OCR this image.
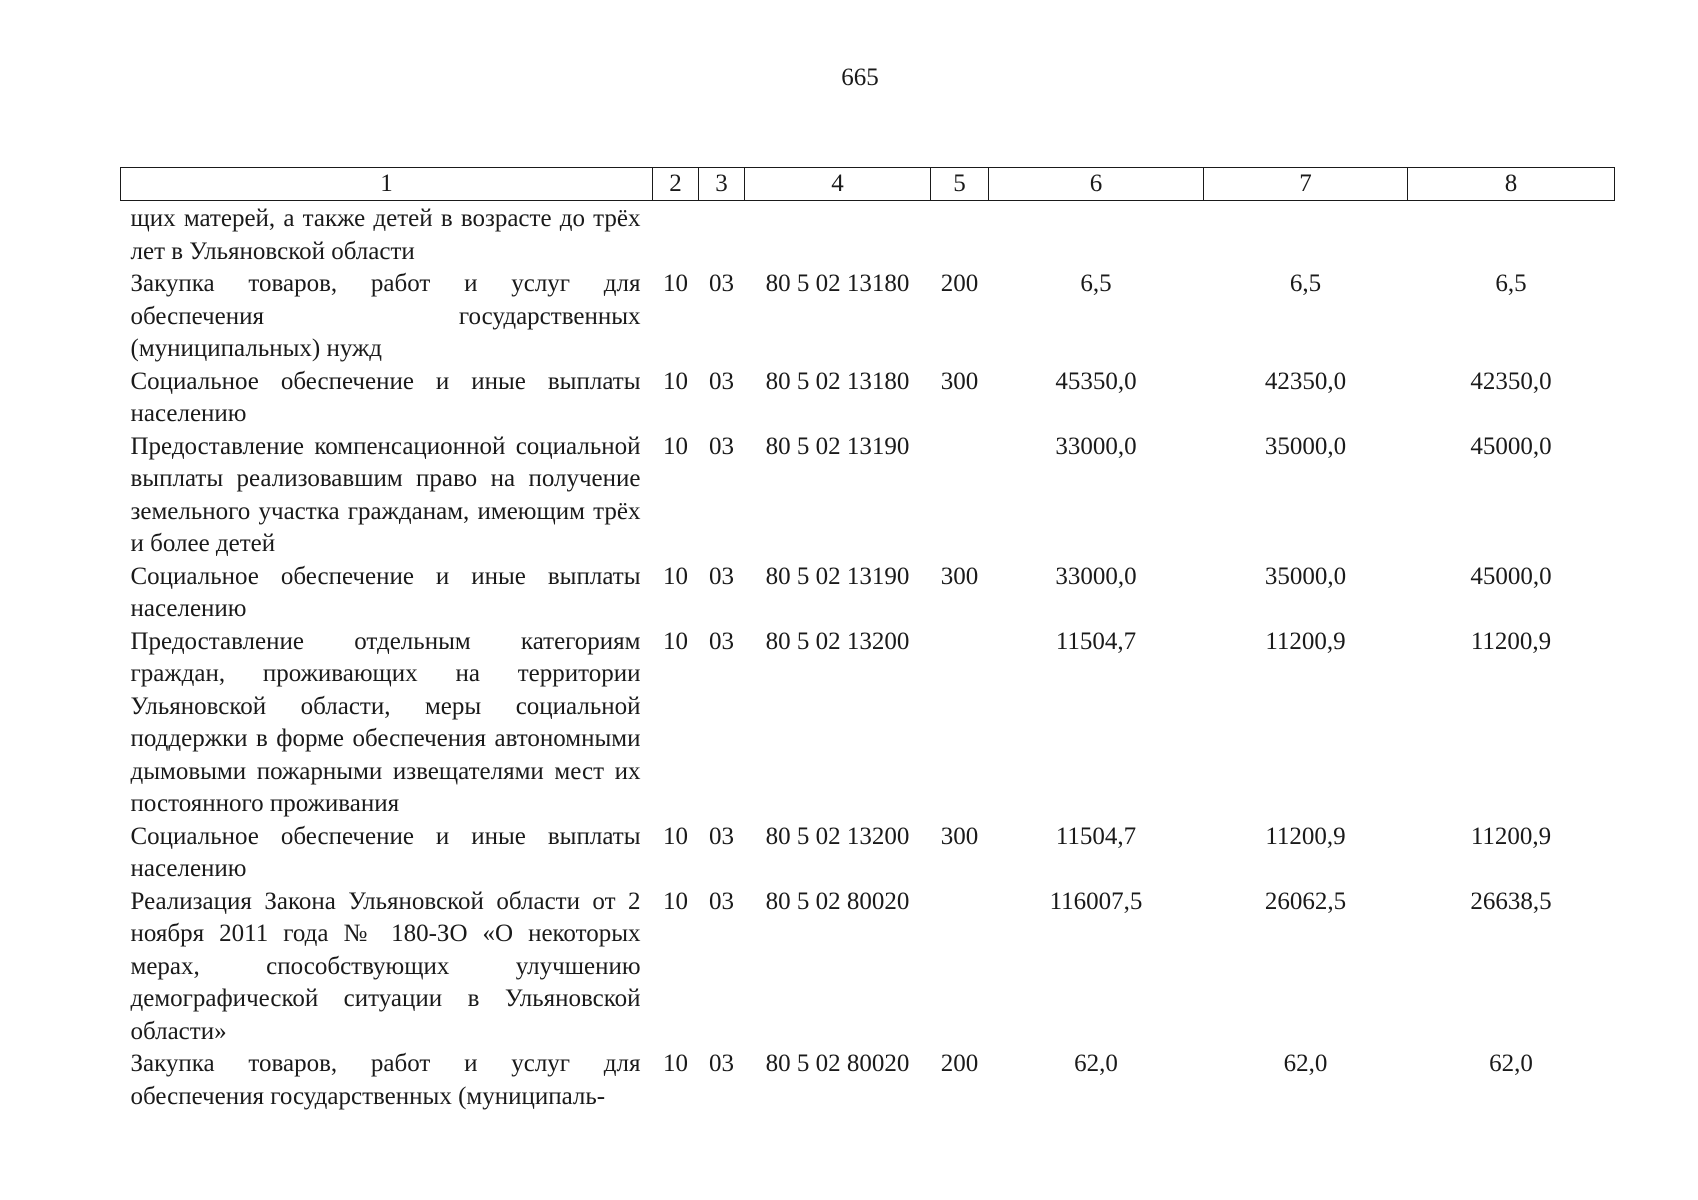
665
1	2	3	4	5	6	7	8
щих матерей, а также детей в возрасте до трёх лет в Ульяновской области							
Закупка товаров, работ и услуг для обеспечения государственных (муниципальных) нужд	10	03	80 5 02 13180	200	6,5	6,5	6,5
Социальное обеспечение и иные выплаты населению	10	03	80 5 02 13180	300	45350,0	42350,0	42350,0
Предоставление компенсационной социальной выплаты реализовавшим право на получение земельного участка гражданам, имеющим трёх и более детей	10	03	80 5 02 13190		33000,0	35000,0	45000,0
Социальное обеспечение и иные выплаты населению	10	03	80 5 02 13190	300	33000,0	35000,0	45000,0
Предоставление отдельным категориям граждан, проживающих на территории Ульяновской области, меры социальной поддержки в форме обеспечения автономными дымовыми пожарными извещателями мест их постоянного проживания	10	03	80 5 02 13200		11504,7	11200,9	11200,9
Социальное обеспечение и иные выплаты населению	10	03	80 5 02 13200	300	11504,7	11200,9	11200,9
Реализация Закона Ульяновской области от 2 ноября 2011 года № 180-ЗО «О некоторых мерах, способствующих улучшению демографической ситуации в Ульяновской области»	10	03	80 5 02 80020		116007,5	26062,5	26638,5
Закупка товаров, работ и услуг для обеспечения государственных (муниципаль-	10	03	80 5 02 80020	200	62,0	62,0	62,0
